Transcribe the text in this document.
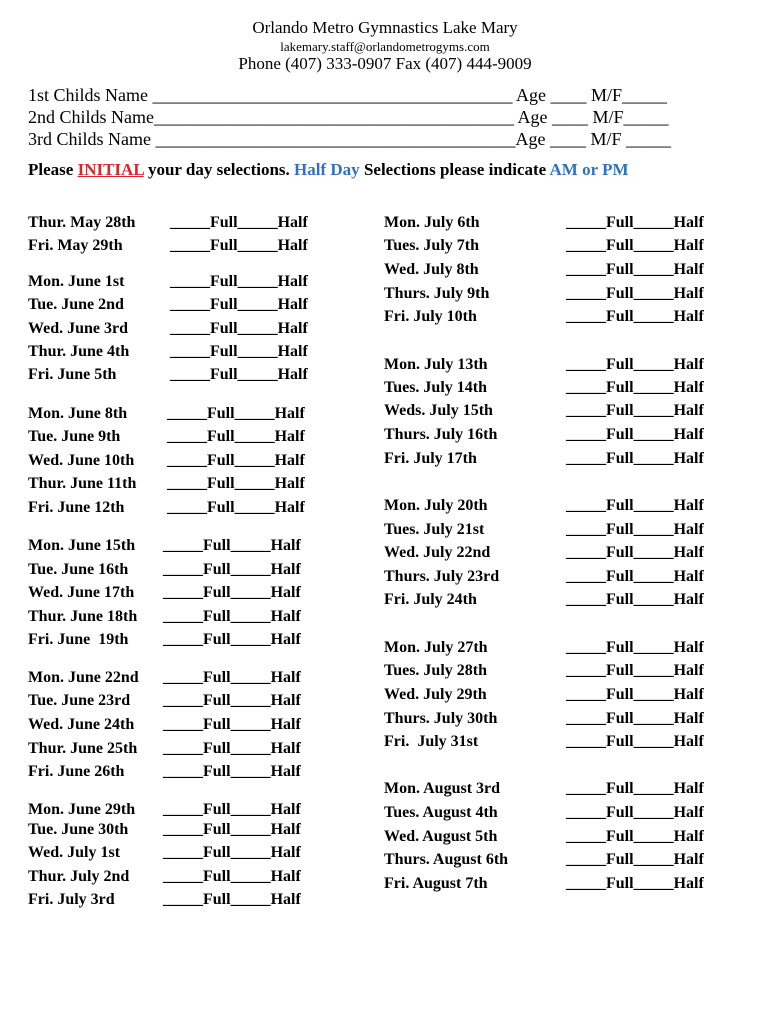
Orlando Metro Gymnastics Lake Mary
lakemary.staff@orlandometrogyms.com
Phone (407) 333-0907 Fax (407) 444-9009
1st Childs Name ________________________________________ Age ____ M/F_____
2nd Childs Name________________________________________ Age ____ M/F_____
3rd Childs Name ________________________________________Age ____ M/F _____
Please INITIAL your day selections. Half Day Selections please indicate AM or PM
Thur. May 28th _____Full_____Half
Fri. May 29th	_____Full_____Half
Mon. June 1st	_____Full_____Half
Tue. June 2nd	_____Full_____Half
Wed. June 3rd	_____Full_____Half
Thur. June 4th	_____Full_____Half
Fri. June 5th	_____Full_____Half
Mon. June 8th _____Full_____Half
Tue. June 9th	_____Full_____Half
Wed. June 10th _____Full_____Half
Thur. June 11th _____Full_____Half
Fri. June 12th	_____Full_____Half
Mon. June 15th _____Full_____Half
Tue. June 16th _____Full_____Half
Wed. June 17th _____Full_____Half
Thur. June 18th _____Full_____Half
Fri. June  19th _____Full_____Half
Mon. June 22nd _____Full_____Half
Tue. June 23rd _____Full_____Half
Wed. June 24th _____Full_____Half
Thur. June 25th _____Full_____Half
Fri. June 26th _____Full_____Half
Mon. June 29th _____Full_____Half
Tue. June 30th _____Full_____Half
Wed. July 1st	_____Full_____Half
Thur. July 2nd _____Full_____Half
Fri. July 3rd	_____Full_____Half
Mon. July 6th	_____Full_____Half
Tues. July 7th	_____Full_____Half
Wed. July 8th	_____Full_____Half
Thurs. July 9th	_____Full_____Half
Fri. July 10th	_____Full_____Half
Mon. July 13th	_____Full_____Half
Tues. July 14th	_____Full_____Half
Weds. July 15th	_____Full_____Half
Thurs. July 16th	_____Full_____Half
Fri. July 17th	_____Full_____Half
Mon. July 20th	_____Full_____Half
Tues. July 21st	_____Full_____Half
Wed. July 22nd	_____Full_____Half
Thurs. July 23rd	_____Full_____Half
Fri. July 24th	_____Full_____Half
Mon. July 27th	_____Full_____Half
Tues. July 28th	_____Full_____Half
Wed. July 29th	_____Full_____Half
Thurs. July 30th	_____Full_____Half
Fri.  July 31st	_____Full_____Half
Mon. August 3rd	_____Full_____Half
Tues. August 4th	_____Full_____Half
Wed. August 5th	_____Full_____Half
Thurs. August 6th	_____Full_____Half
Fri. August 7th	_____Full_____Half
